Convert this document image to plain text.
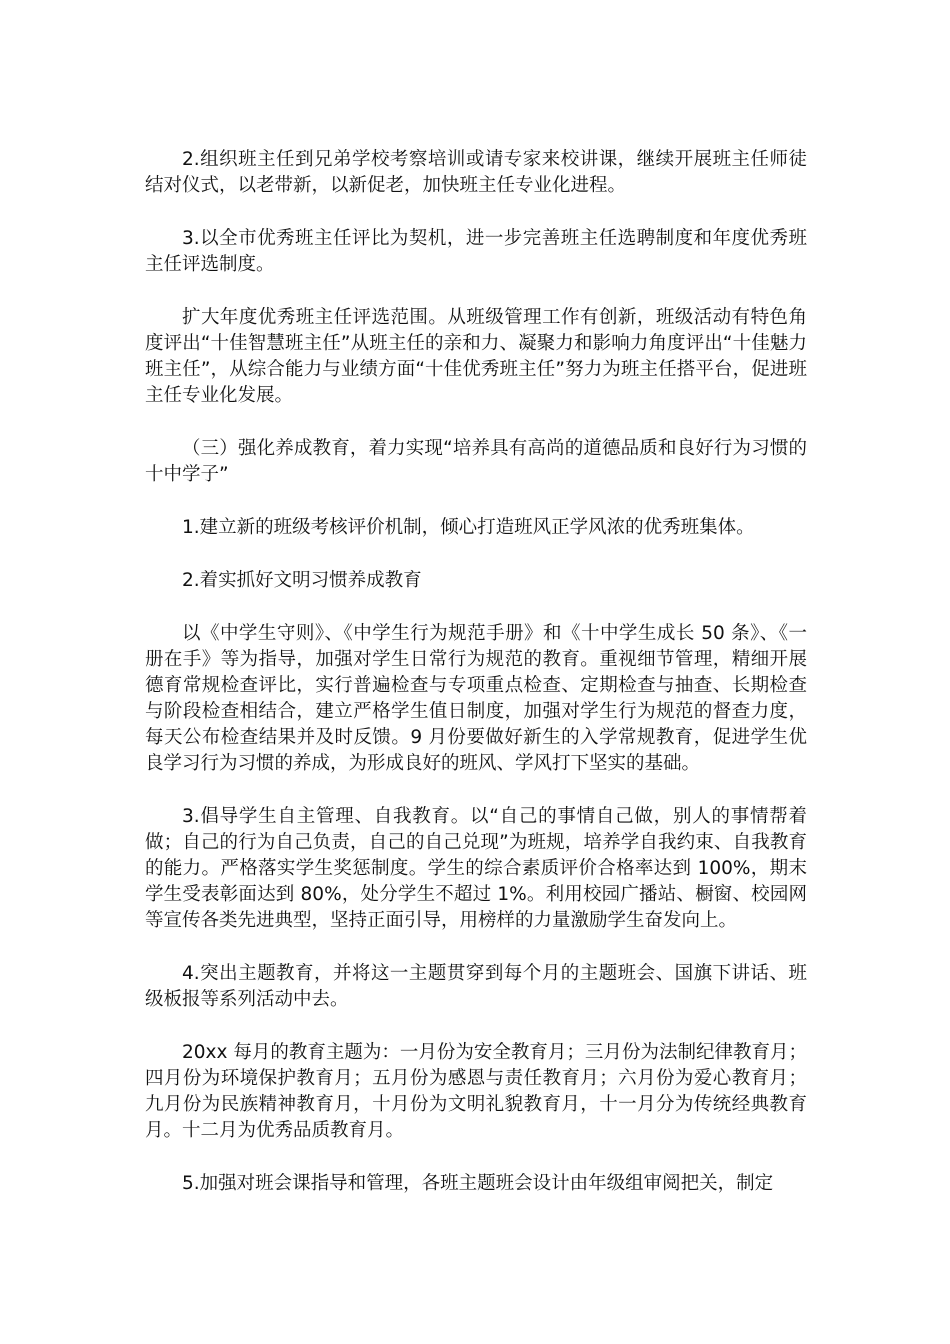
2.组织班主任到兄弟学校考察培训或请专家来校讲课，继续开展班主任师徒结对仪式，以老带新，以新促老，加快班主任专业化进程。

3.以全市优秀班主任评比为契机，进一步完善班主任选聘制度和年度优秀班主任评选制度。

扩大年度优秀班主任评选范围。从班级管理工作有创新，班级活动有特色角度评出“十佳智慧班主任”从班主任的亲和力、凝聚力和影响力角度评出“十佳魅力班主任”，从综合能力与业绩方面“十佳优秀班主任”努力为班主任搭平台，促进班主任专业化发展。

（三）强化养成教育，着力实现“培养具有高尚的道德品质和良好行为习惯的十中学子”

1.建立新的班级考核评价机制，倾心打造班风正学风浓的优秀班集体。

2.着实抓好文明习惯养成教育

以《中学生守则》、《中学生行为规范手册》和《十中学生成长 50 条》、《一册在手》等为指导，加强对学生日常行为规范的教育。重视细节管理，精细开展德育常规检查评比，实行普遍检查与专项重点检查、定期检查与抽查、长期检查与阶段检查相结合，建立严格学生值日制度，加强对学生行为规范的督查力度，每天公布检查结果并及时反馈。9 月份要做好新生的入学常规教育，促进学生优良学习行为习惯的养成，为形成良好的班风、学风打下坚实的基础。

3.倡导学生自主管理、自我教育。以“自己的事情自己做，别人的事情帮着做；自己的行为自己负责，自己的自己兑现”为班规，培养学自我约束、自我教育的能力。严格落实学生奖惩制度。学生的综合素质评价合格率达到 100%，期末学生受表彰面达到 80%，处分学生不超过 1%。利用校园广播站、橱窗、校园网等宣传各类先进典型，坚持正面引导，用榜样的力量激励学生奋发向上。

4.突出主题教育，并将这一主题贯穿到每个月的主题班会、国旗下讲话、班级板报等系列活动中去。

20xx 每月的教育主题为：一月份为安全教育月；三月份为法制纪律教育月；四月份为环境保护教育月；五月份为感恩与责任教育月；六月份为爱心教育月；九月份为民族精神教育月，十月份为文明礼貌教育月，十一月分为传统经典教育月。十二月为优秀品质教育月。

5.加强对班会课指导和管理，各班主题班会设计由年级组审阅把关，制定
